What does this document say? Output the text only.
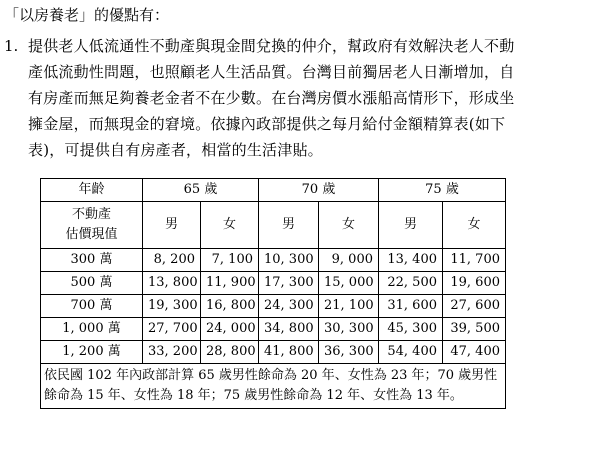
「以房養老」的優點有：
1. 提供老人低流通性不動產與現金間兌換的仲介，幫政府有效解決老人不動
產低流動性問題，也照顧老人生活品質。台灣目前獨居老人日漸增加，自
有房產而無足夠養老金者不在少數。在台灣房價水漲船高情形下，形成坐
擁金屋，而無現金的窘境。依據內政部提供之每月給付金額精算表(如下
表)，可提供自有房產者，相當的生活津貼。
年齡	65 歲		70 歲		75 歲	
不動產
估價現值	男	女	男	女	男	女
300 萬	8, 200	7, 100	10, 300	9, 000	13, 400	11, 700
500 萬	13, 800	11, 900	17, 300	15, 000	22, 500	19, 600
700 萬	19, 300	16, 800	24, 300	21, 100	31, 600	27, 600
1, 000 萬	27, 700	24, 000	34, 800	30, 300	45, 300	39, 500
1, 200 萬	33, 200	28, 800	41, 800	36, 300	54, 400	47, 400
依民國 102 年內政部計算 65 歲男性餘命為 20 年、女性為 23 年；70 歲男性餘命為 15 年、女性為 18 年；75 歲男性餘命為 12 年、女性為 13 年。						
